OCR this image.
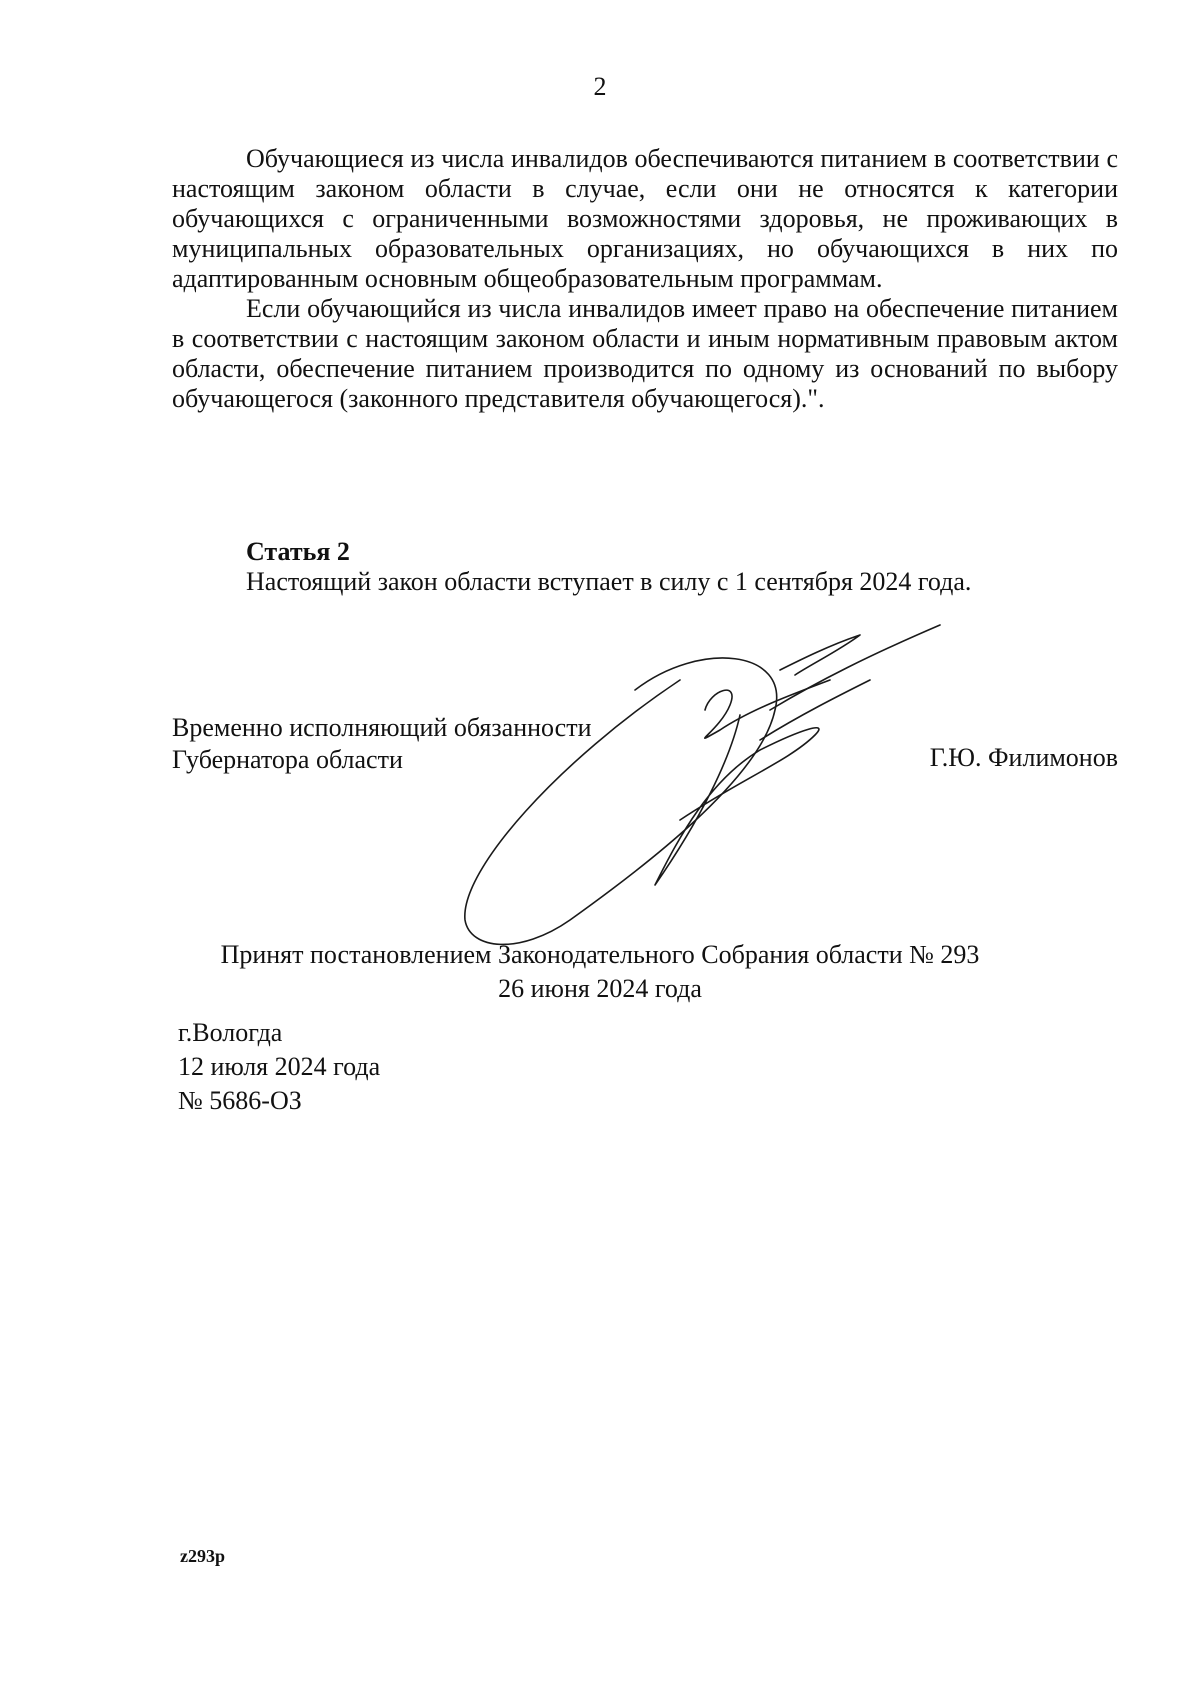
2

Обучающиеся из числа инвалидов обеспечиваются питанием в соответствии с настоящим законом области в случае, если они не относятся к категории обучающихся с ограниченными возможностями здоровья, не проживающих в муниципальных образовательных организациях, но обучающихся в них по адаптированным основным общеобразовательным программам.

Если обучающийся из числа инвалидов имеет право на обеспечение питанием в соответствии с настоящим законом области и иным нормативным правовым актом области, обеспечение питанием производится по одному из оснований по выбору обучающегося (законного представителя обучающегося).".

Статья 2
Настоящий закон области вступает в силу с 1 сентября 2024 года.
Временно исполняющий обязанности
Губернатора области	Г.Ю. Филимонов
Принят постановлением Законодательного Собрания области № 293
26 июня 2024 года
г.Вологда
12 июля 2024 года
№ 5686-ОЗ
z293p
